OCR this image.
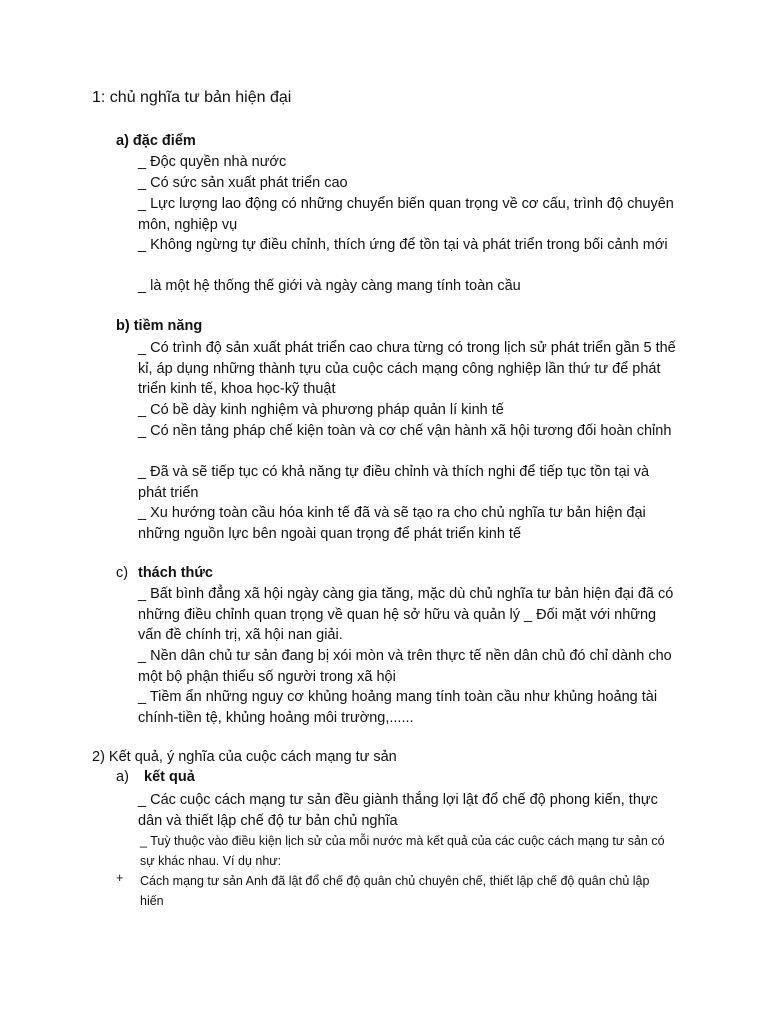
1: chủ nghĩa tư bản hiện đại
a) đặc điểm
_ Độc quyền nhà nước
_ Có sức sản xuất phát triển cao
_ Lực lượng lao động có những chuyển biến quan trọng về cơ cấu, trình độ chuyên môn, nghiệp vụ
_ Không ngừng tự điều chỉnh, thích ứng để tồn tại và phát triển trong bối cảnh mới
_ là một hệ thống thế giới và ngày càng mang tính toàn cầu
b) tiềm năng
_ Có trình độ sản xuất phát triển cao chưa từng có trong lịch sử phát triển gần 5 thế kỉ, áp dụng những thành tựu của cuộc cách mạng công nghiệp lần thứ tư để phát triển kinh tế, khoa học-kỹ thuật
_ Có bề dày kinh nghiệm và phương pháp quản lí kinh tế
_ Có nền tảng pháp chế kiện toàn và cơ chế vận hành xã hội tương đối hoàn chỉnh
_ Đã và sẽ tiếp tục có khả năng tự điều chỉnh và thích nghi để tiếp tục tồn tại và phát triển
_ Xu hướng toàn cầu hóa kinh tế đã và sẽ tạo ra cho chủ nghĩa tư bản hiện đại những nguồn lực bên ngoài quan trọng để phát triển kinh tế
c) thách thức
_ Bất bình đẳng xã hội ngày càng gia tăng, mặc dù chủ nghĩa tư bản hiện đại đã có những điều chỉnh quan trọng về quan hệ sở hữu và quản lý _ Đối mặt với những vấn đề chính trị, xã hội nan giải.
_ Nền dân chủ tư sản đang bị xói mòn và trên thực tế nền dân chủ đó chỉ dành cho một bộ phận thiểu số người trong xã hội
_ Tiềm ẩn những nguy cơ khủng hoảng mang tính toàn cầu như khủng hoảng tài chính-tiền tệ, khủng hoảng môi trường,......
2) Kết quả, ý nghĩa của cuộc cách mạng tư sản
a) kết quả
_ Các cuộc cách mạng tư sản đều giành thắng lợi lật đổ chế độ phong kiến, thực dân và thiết lập chế độ tư bản chủ nghĩa
_ Tuỳ thuộc vào điều kiện lịch sử của mỗi nước mà kết quả của các cuộc cách mạng tư sản có sự khác nhau. Ví dụ như:
+ Cách mạng tư sản Anh đã lật đổ chế độ quân chủ chuyên chế, thiết lập chế độ quân chủ lập hiến
